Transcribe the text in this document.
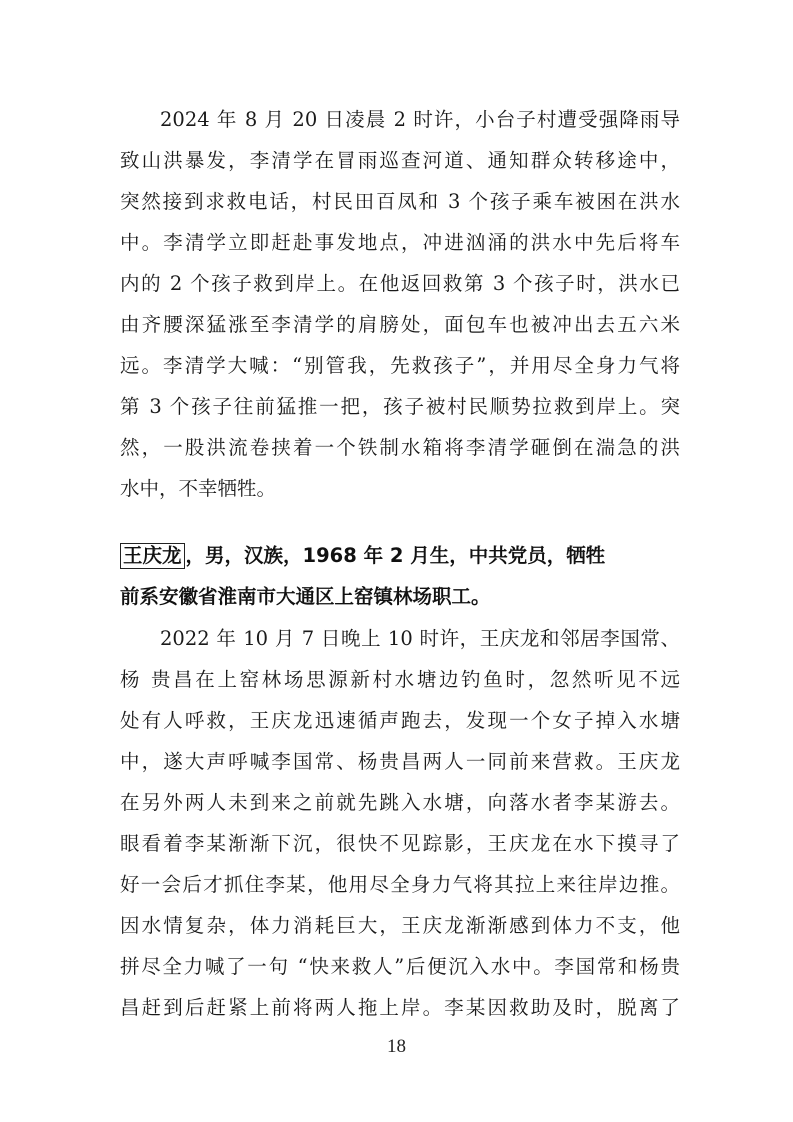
2024 年 8 月 20 日凌晨 2 时许，小台子村遭受强降雨导
致山洪暴发，李清学在冒雨巡查河道、通知群众转移途中，
突然接到求救电话，村民田百凤和 3 个孩子乘车被困在洪水
中。李清学立即赶赴事发地点，冲进汹涌的洪水中先后将车
内的 2 个孩子救到岸上。在他返回救第 3 个孩子时，洪水已
由齐腰深猛涨至李清学的肩膀处，面包车也被冲出去五六米
远。李清学大喊：“别管我，先救孩子”，并用尽全身力气将
第 3 个孩子往前猛推一把，孩子被村民顺势拉救到岸上。突
然，一股洪流卷挟着一个铁制水箱将李清学砸倒在湍急的洪
水中，不幸牺牲。
王庆龙 ，男，汉族，1968 年 2 月生，中共党员，牺牲
前系安徽省淮南市大通区上窑镇林场职工。
2022 年 10 月 7 日晚上 10 时许，王庆龙和邻居李国常、
杨 贵昌在上窑林场思源新村水塘边钓鱼时，忽然听见不远
处有人呼救，王庆龙迅速循声跑去，发现一个女子掉入水塘
中，遂大声呼喊李国常、杨贵昌两人一同前来营救。王庆龙
在另外两人未到来之前就先跳入水塘，向落水者李某游去。
眼看着李某渐渐下沉，很快不见踪影，王庆龙在水下摸寻了
好一会后才抓住李某，他用尽全身力气将其拉上来往岸边推。
因水情复杂，体力消耗巨大，王庆龙渐渐感到体力不支，他
拼尽全力喊了一句 “快来救人”后便沉入水中。李国常和杨贵
昌赶到后赶紧上前将两人拖上岸。李某因救助及时，脱离了
18
